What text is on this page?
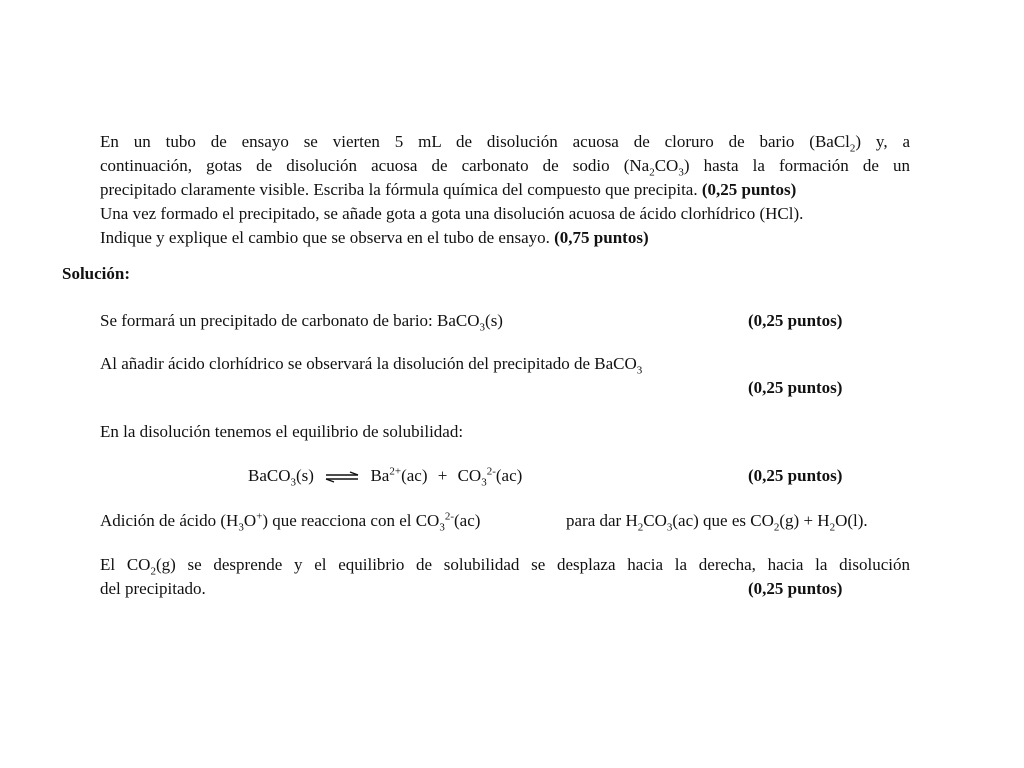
En un tubo de ensayo se vierten 5 mL de disolución acuosa de cloruro de bario (BaCl$_2$) y, a
continuación, gotas de disolución acuosa de carbonato de sodio $(Na_2CO_3)$ hasta la formación de un
precipitado claramente visible. Escriba la fórmula química del compuesto que precipita. (0,25 puntos)
Una vez formado el precipitado, se añade gota a gota una disolución acuosa de ácido clorhídrico (HCl).
Indique y explique el cambio que se observa en el tubo de ensayo. (0,75 puntos)
Solución:
Se formará un precipitado de carbonato de bario: BaCO$_3$(s)	(0,25 puntos)
Al añadir ácido clorhídrico se observará la disolución del precipitado de BaCO$_3$
(0,25 puntos)
En la disolución tenemos el equilibrio de solubilidad:
BaCO$_3$(s) ⇌ $Ba^{2+}(ac) + CO_3^{2-}(ac)$	(0,25 puntos)
Adición de ácido $(H_3O^+)$ que reacciona con el $CO_3^{2-}(ac)$	para dar $H_2CO_3(ac)$ que es $CO_2(g) + H_2O(l)$.
El $CO_2(g)$ se desprende y el equilibrio de solubilidad se desplaza hacia la derecha, hacia la disolución
del precipitado.	(0,25 puntos)
